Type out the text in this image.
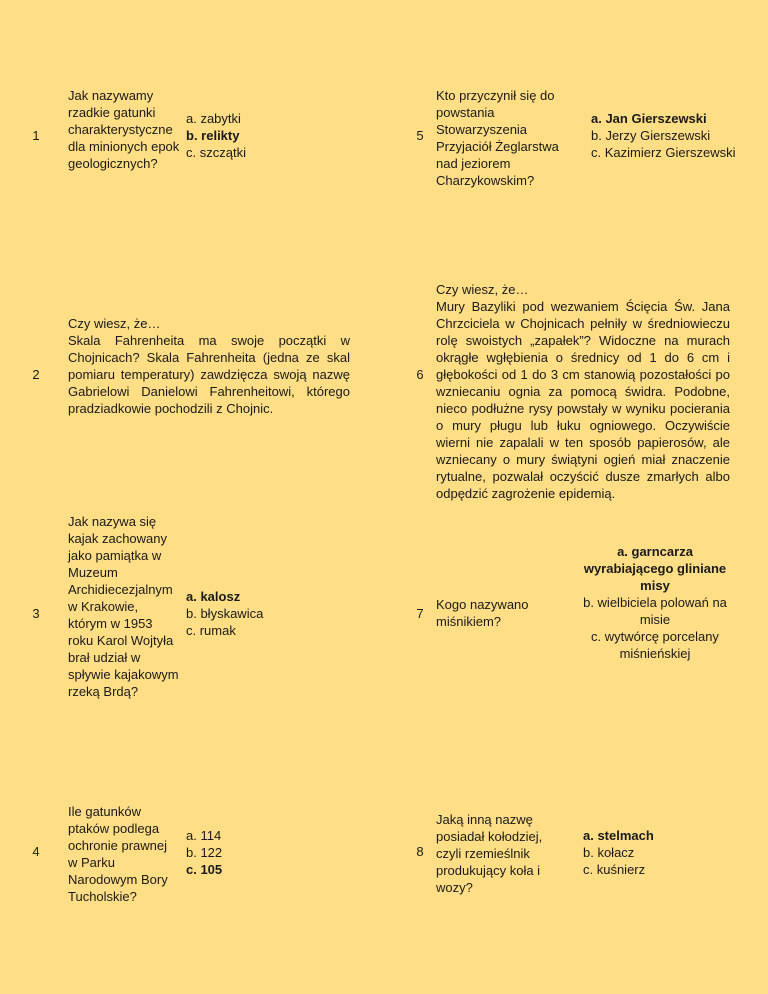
1
Jak nazywamy rzadkie gatunki charakterystyczne dla minionych epok geologicznych?
a. zabytki
b. relikty
c. szczątki
2
Czy wiesz, że…
Skala Fahrenheita ma swoje początki w Chojnicach? Skala Fahrenheita (jedna ze skal pomiaru temperatury) zawdzięcza swoją nazwę Gabrielowi Danielowi Fahrenheitowi, którego pradziadkowie pochodzili z Chojnic.
3
Jak nazywa się kajak zachowany jako pamiątka w Muzeum Archidiecezjalnym w Krakowie, którym w 1953 roku Karol Wojtyła brał udział w spływie kajakowym rzeką Brdą?
a. kalosz
b. błyskawica
c. rumak
4
Ile gatunków ptaków podlega ochronie prawnej w Parku Narodowym Bory Tucholskie?
a. 114
b. 122
c. 105
5
Kto przyczynił się do powstania Stowarzyszenia Przyjaciół Żeglarstwa nad jeziorem Charzykowskim?
a. Jan Gierszewski
b. Jerzy Gierszewski
c. Kazimierz Gierszewski
6
Czy wiesz, że…
Mury Bazyliki pod wezwaniem Ścięcia Św. Jana Chrzciciela w Chojnicach pełniły w średniowieczu rolę swoistych „zapałek”? Widoczne na murach okrągłe wgłębienia o średnicy od 1 do 6 cm i głębokości od 1 do 3 cm stanowią pozostałości po wzniecaniu ognia za pomocą świdra. Podobne, nieco podłużne rysy powstały w wyniku pocierania o mury pługu lub łuku ogniowego. Oczywiście wierni nie zapalali w ten sposób papierosów, ale wzniecany o mury świątyni ogień miał znaczenie rytualne, pozwalał oczyścić dusze zmarłych albo odpędzić zagrożenie epidemią.
7
Kogo nazywano miśnikiem?
a. garncarza wyrabiającego gliniane misy
b. wielbiciela polowań na misie
c. wytwórcę porcelany miśnieńskiej
8
Jaką inną nazwę posiadał kołodziej, czyli rzemieślnik produkujący koła i wozy?
a. stelmach
b. kołacz
c. kuśnierz
